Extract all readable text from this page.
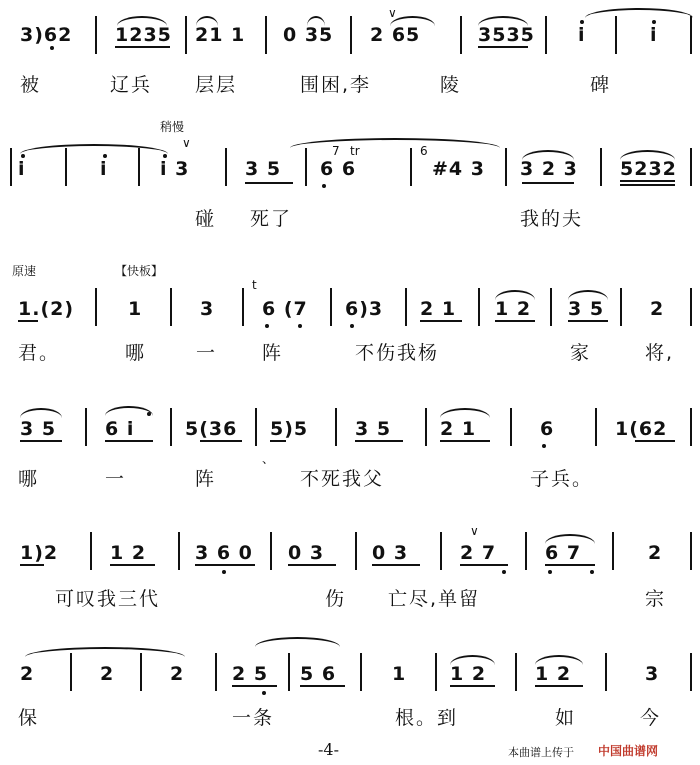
3)62 1235 21 1 0 35 2 65
∨
3535 i	i
被	辽兵 层层	围困,李	陵	碑
稍慢
∨
i	i	i 3	3 5 6 6
7 tr	6
#4 3 3 2 3 5232
碰 死了	我的夫
原速	【快板】
1.(2)	1	3
t
6 (7 6)3 2 1 1 2 3 5 2
君。	哪	一 阵	不伤我杨	家	将,
3 5	6 i	5(36 5)5
、
3 5	2 1	6	1(62
哪	一	阵	不死我父	子兵。
∨
1)2	1 2	3 6 0 0 3	0 3	2 7	6 7	2
可叹我三代	伤 亡尽,单留	宗
2	2	2	2 5 5 6	1 1 2	1 2	3
保	一条	根。到	如	今
-4-	本曲谱上传于 中国曲谱网
